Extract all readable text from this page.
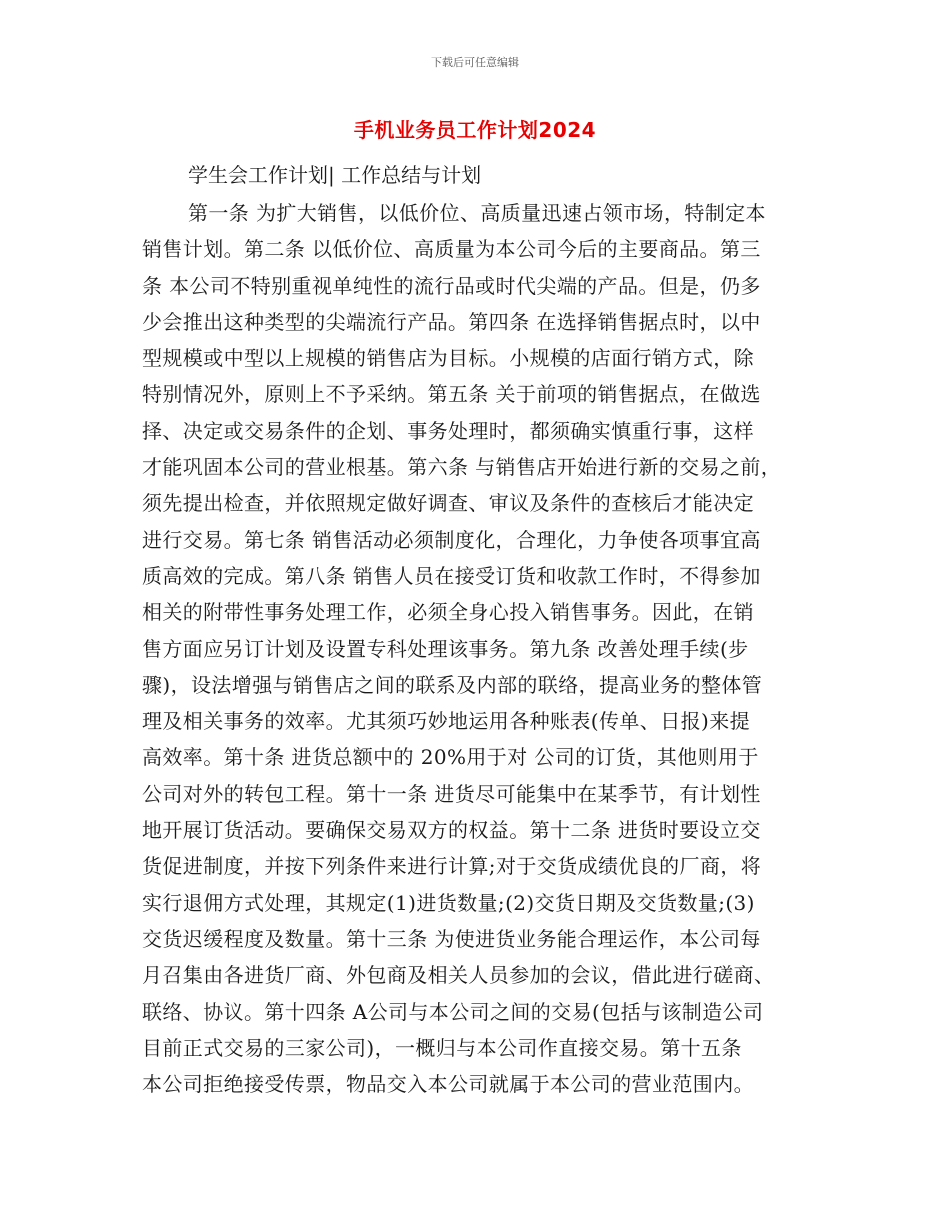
下载后可任意编辑
手机业务员工作计划2024
学生会工作计划| 工作总结与计划
第一条 为扩大销售，以低价位、高质量迅速占领市场，特制定本
销售计划。第二条 以低价位、高质量为本公司今后的主要商品。第三
条 本公司不特别重视单纯性的流行品或时代尖端的产品。但是，仍多
少会推出这种类型的尖端流行产品。第四条 在选择销售据点时，以中
型规模或中型以上规模的销售店为目标。小规模的店面行销方式，除
特别情况外，原则上不予采纳。第五条 关于前项的销售据点，在做选
择、决定或交易条件的企划、事务处理时，都须确实慎重行事，这样
才能巩固本公司的营业根基。第六条 与销售店开始进行新的交易之前，
须先提出检查，并依照规定做好调查、审议及条件的查核后才能决定
进行交易。第七条 销售活动必须制度化，合理化，力争使各项事宜高
质高效的完成。第八条 销售人员在接受订货和收款工作时，不得参加
相关的附带性事务处理工作，必须全身心投入销售事务。因此，在销
售方面应另订计划及设置专科处理该事务。第九条 改善处理手续(步
骤)，设法增强与销售店之间的联系及内部的联络，提高业务的整体管
理及相关事务的效率。尤其须巧妙地运用各种账表(传单、日报)来提
高效率。第十条 进货总额中的 20%用于对 公司的订货，其他则用于
公司对外的转包工程。第十一条 进货尽可能集中在某季节，有计划性
地开展订货活动。要确保交易双方的权益。第十二条 进货时要设立交
货促进制度，并按下列条件来进行计算;对于交货成绩优良的厂商，将
实行退佣方式处理，其规定(1)进货数量;(2)交货日期及交货数量;(3)
交货迟缓程度及数量。第十三条 为使进货业务能合理运作，本公司每
月召集由各进货厂商、外包商及相关人员参加的会议，借此进行磋商、
联络、协议。第十四条 A公司与本公司之间的交易(包括与该制造公司
目前正式交易的三家公司)，一概归与本公司作直接交易。第十五条
本公司拒绝接受传票，物品交入本公司就属于本公司的营业范围内。
